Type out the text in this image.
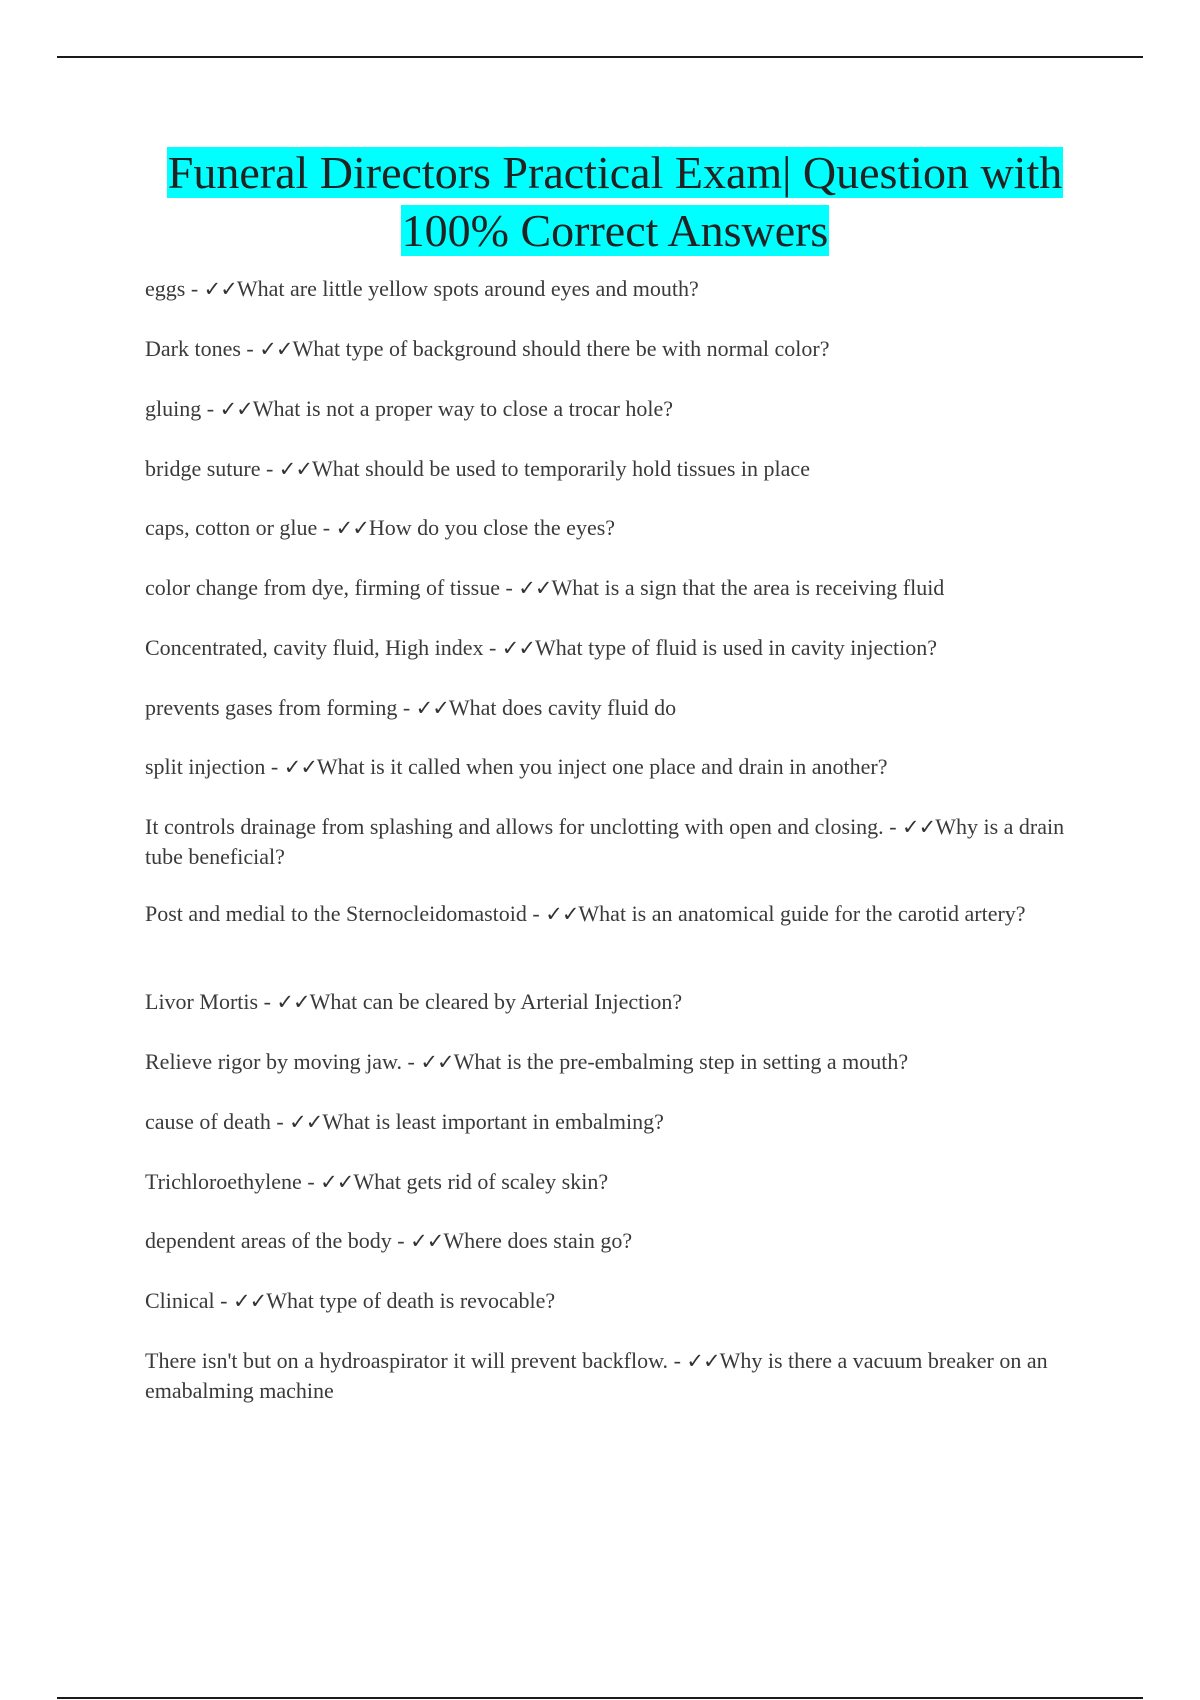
Funeral Directors Practical Exam| Question with
100% Correct Answers
eggs - ✓✓What are little yellow spots around eyes and mouth?
Dark tones - ✓✓What type of background should there be with normal color?
gluing - ✓✓What is not a proper way to close a trocar hole?
bridge suture - ✓✓What should be used to temporarily hold tissues in place
caps, cotton or glue - ✓✓How do you close the eyes?
color change from dye, firming of tissue - ✓✓What is a sign that the area is receiving fluid
Concentrated, cavity fluid, High index - ✓✓What type of fluid is used in cavity injection?
prevents gases from forming - ✓✓What does cavity fluid do
split injection - ✓✓What is it called when you inject one place and drain in another?
It controls drainage from splashing and allows for unclotting with open and closing. - ✓✓Why is a drain tube beneficial?
Post and medial to the Sternocleidomastoid - ✓✓What is an anatomical guide for the carotid artery?
Livor Mortis - ✓✓What can be cleared by Arterial Injection?
Relieve rigor by moving jaw. - ✓✓What is the pre-embalming step in setting a mouth?
cause of death - ✓✓What is least important in embalming?
Trichloroethylene - ✓✓What gets rid of scaley skin?
dependent areas of the body - ✓✓Where does stain go?
Clinical - ✓✓What type of death is revocable?
There isn't but on a hydroaspirator it will prevent backflow. - ✓✓Why is there a vacuum breaker on an emabalming machine
